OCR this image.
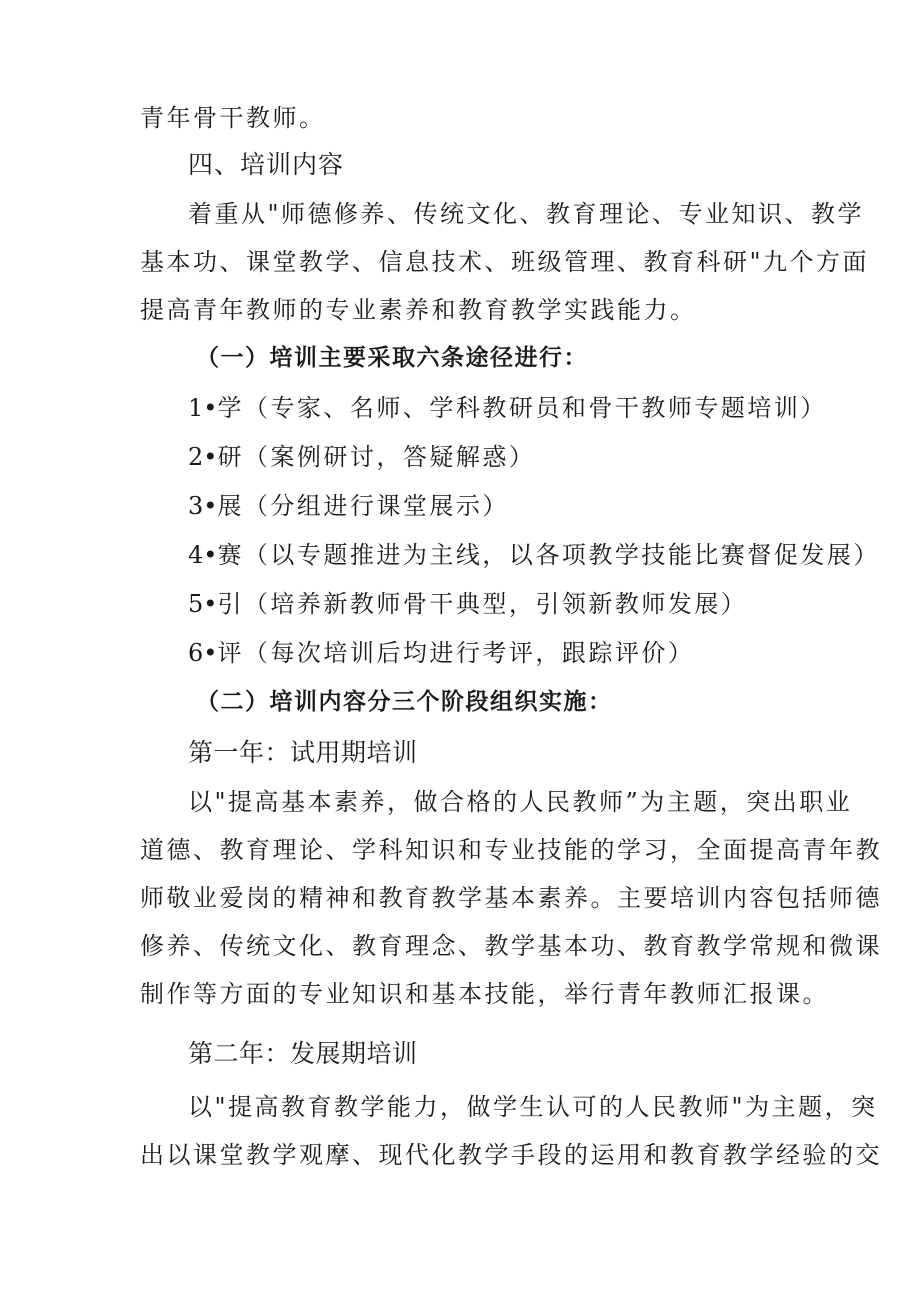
青年骨干教师。
四、培训内容
着重从"师德修养、传统文化、教育理论、专业知识、教学
基本功、课堂教学、信息技术、班级管理、教育科研"九个方面
提高青年教师的专业素养和教育教学实践能力。
（一）培训主要采取六条途径进行：
1•学（专家、名师、学科教研员和骨干教师专题培训）
2•研（案例研讨，答疑解惑）
3•展（分组进行课堂展示）
4•赛（以专题推进为主线，以各项教学技能比赛督促发展）
5•引（培养新教师骨干典型，引领新教师发展）
6•评（每次培训后均进行考评，跟踪评价）
（二）培训内容分三个阶段组织实施：
第一年：试用期培训
以"提高基本素养，做合格的人民教师”为主题，突出职业
道德、教育理论、学科知识和专业技能的学习，全面提高青年教
师敬业爱岗的精神和教育教学基本素养。主要培训内容包括师德
修养、传统文化、教育理念、教学基本功、教育教学常规和微课
制作等方面的专业知识和基本技能，举行青年教师汇报课。
第二年：发展期培训
以"提高教育教学能力，做学生认可的人民教师"为主题，突
出以课堂教学观摩、现代化教学手段的运用和教育教学经验的交
